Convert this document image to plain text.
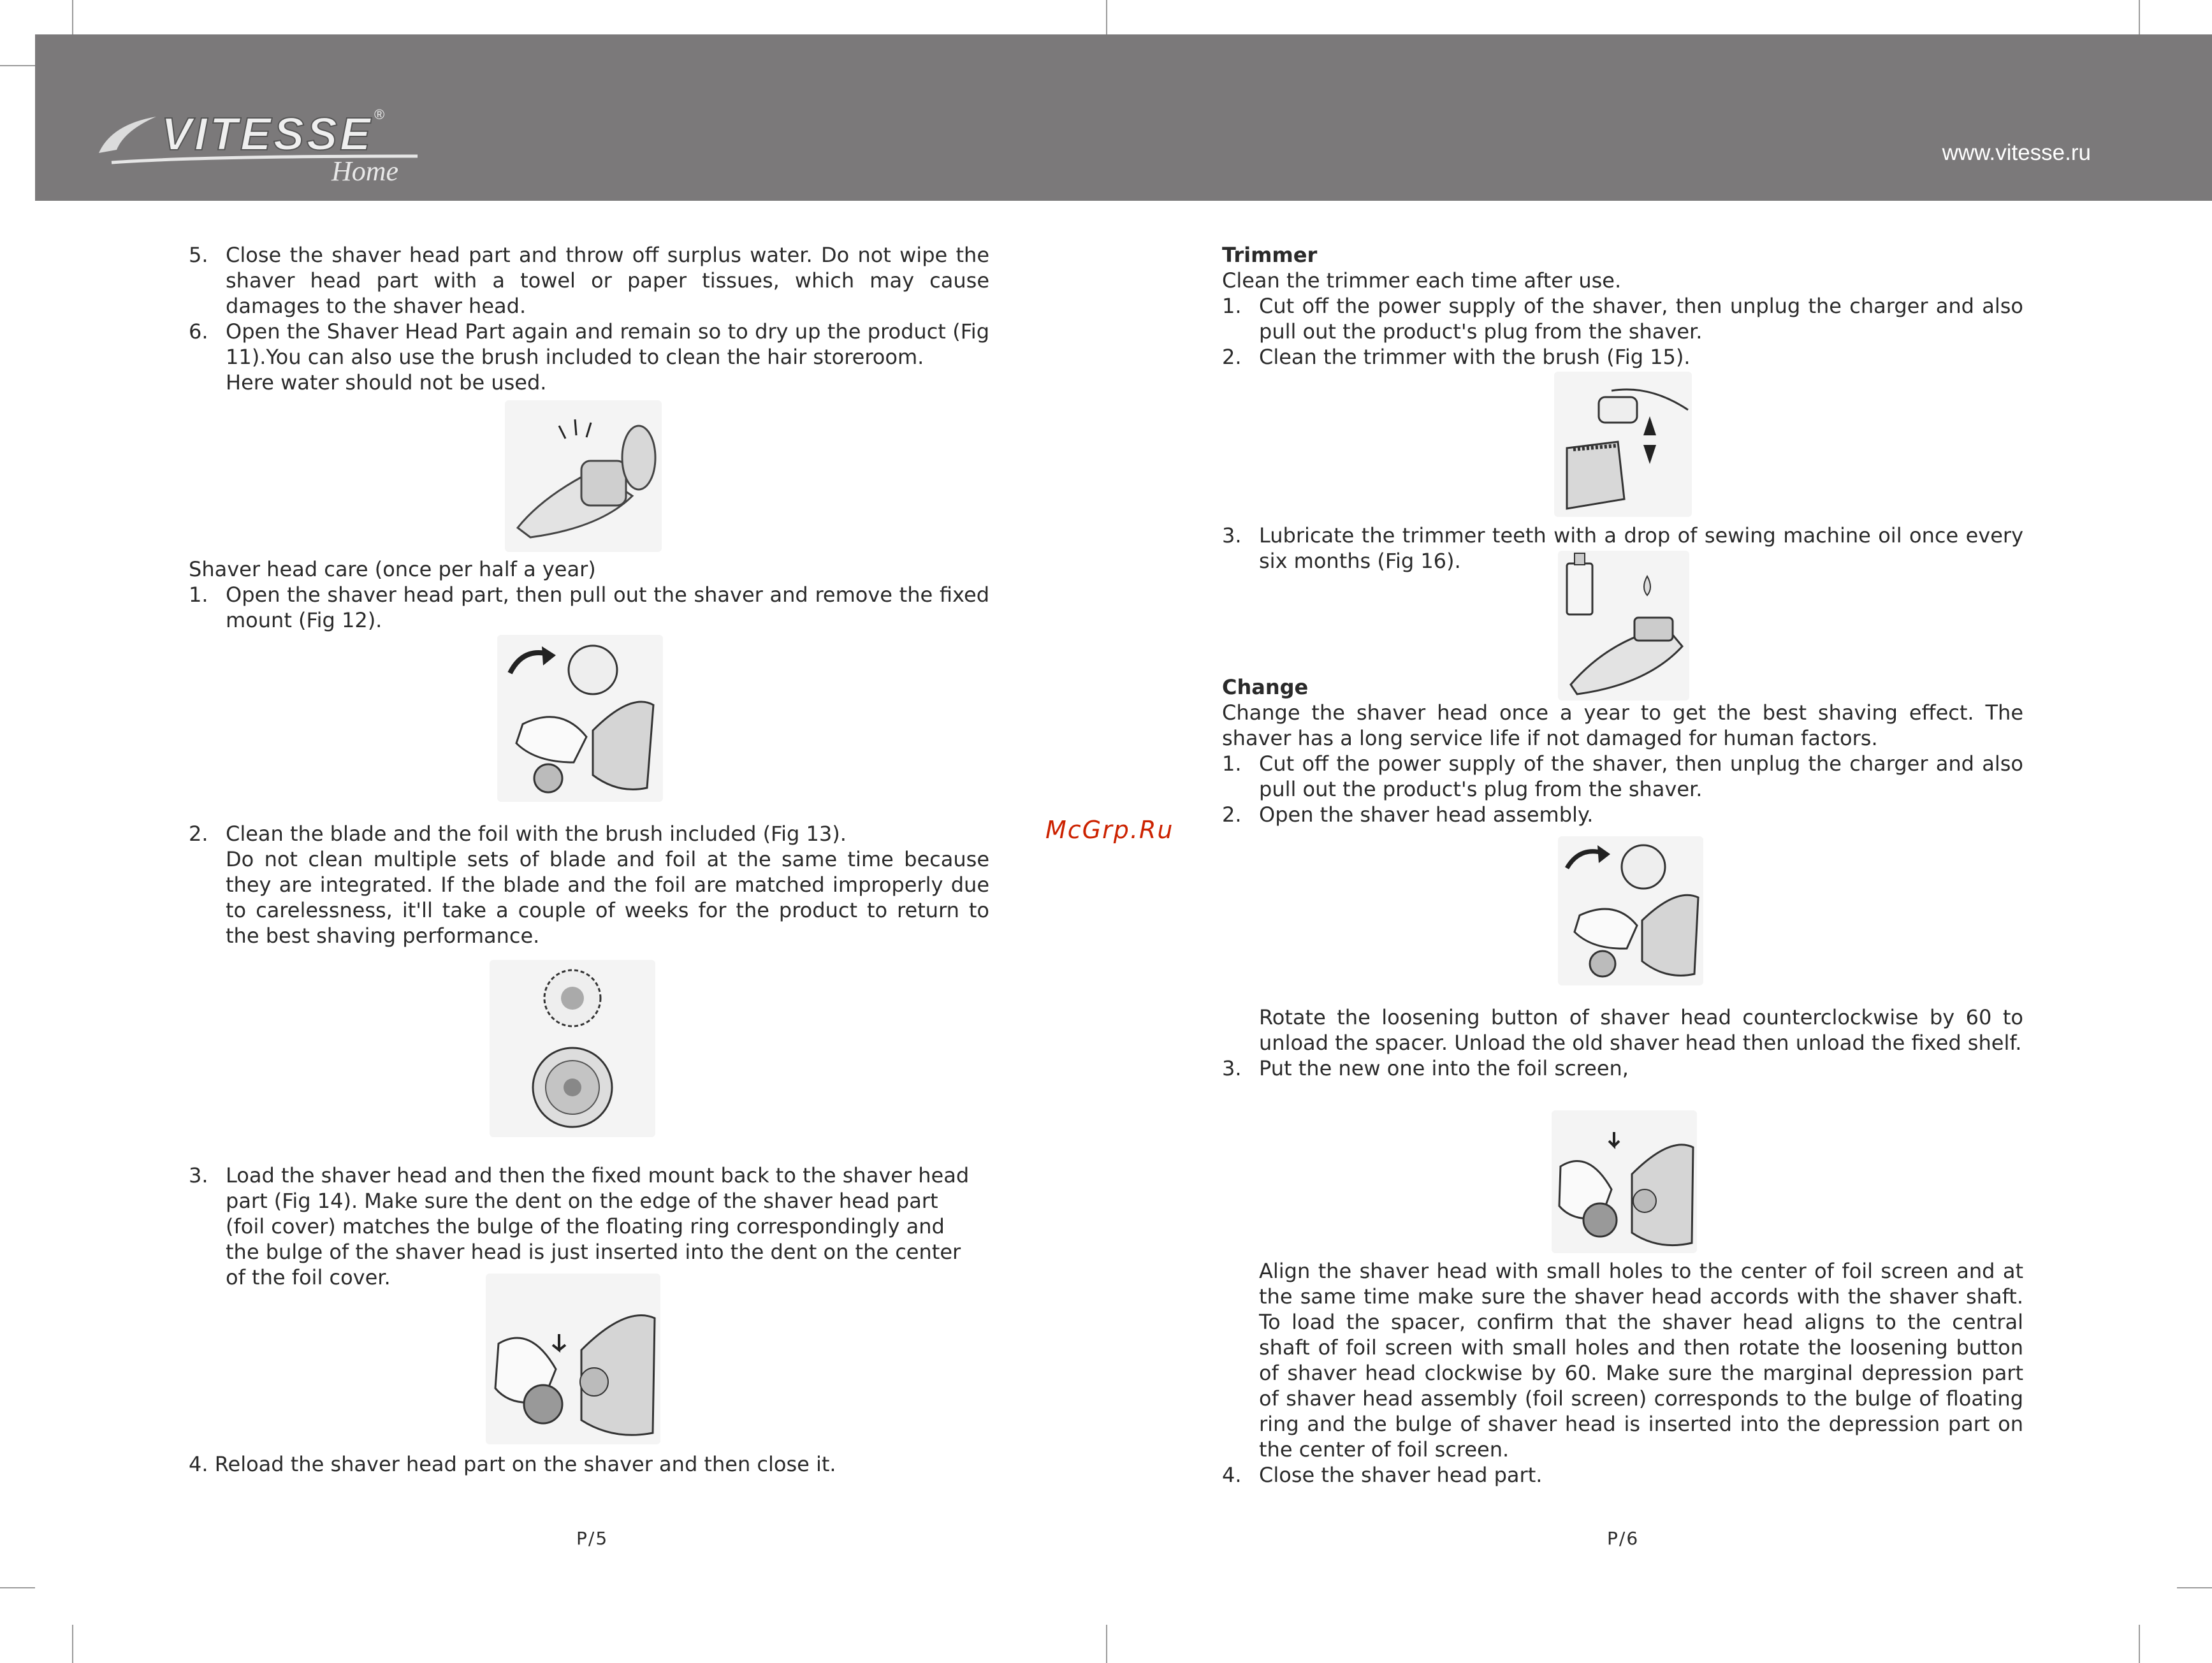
VITESSE ®
Home
www.vitesse.ru

5. Close the shaver head part and throw off surplus water. Do not wipe the shaver head part with a towel or paper tissues, which may cause damages to the shaver head.

6. Open the Shaver Head Part again and remain so to dry up the product (Fig 11).You can also use the brush included to clean the hair storeroom.

Here water should not be used.

Shaver head care (once per half a year)

1. Open the shaver head part, then pull out the shaver and remove the fixed mount (Fig 12).

2. Clean the blade and the foil with the brush included (Fig 13).

Do not clean multiple sets of blade and foil at the same time because they are integrated. If the blade and the foil are matched improperly due to carelessness, it'll take a couple of weeks for the product to return to the best shaving performance.

3. Load the shaver head and then the fixed mount back to the shaver head part (Fig 14). Make sure the dent on the edge of the shaver head part (foil cover) matches the bulge of the floating ring correspondingly and the bulge of the shaver head is just inserted into the dent on the center of the foil cover.

4. Reload the shaver head part on the shaver and then close it.

P/5
McGrp.Ru

Trimmer

Clean the trimmer each time after use.

1. Cut off the power supply of the shaver, then unplug the charger and also pull out the product's plug from the shaver.

2. Clean the trimmer with the brush (Fig 15).

3. Lubricate the trimmer teeth with a drop of sewing machine oil once every six months (Fig 16).

Change

Change the shaver head once a year to get the best shaving effect. The shaver has a long service life if not damaged for human factors.

1. Cut off the power supply of the shaver, then unplug the charger and also pull out the product's plug from the shaver.

2. Open the shaver head assembly.

Rotate the loosening button of shaver head counterclockwise by 60 to unload the spacer. Unload the old shaver head then unload the fixed shelf.

3. Put the new one into the foil screen,

Align the shaver head with small holes to the center of foil screen and at the same time make sure the shaver head accords with the shaver shaft. To load the spacer, confirm that the shaver head aligns to the central shaft of foil screen with small holes and then rotate the loosening button of shaver head clockwise by 60. Make sure the marginal depression part of shaver head assembly (foil screen) corresponds to the bulge of floating ring and the bulge of shaver head is inserted into the depression part on the center of foil screen.

4. Close the shaver head part.

P/6
